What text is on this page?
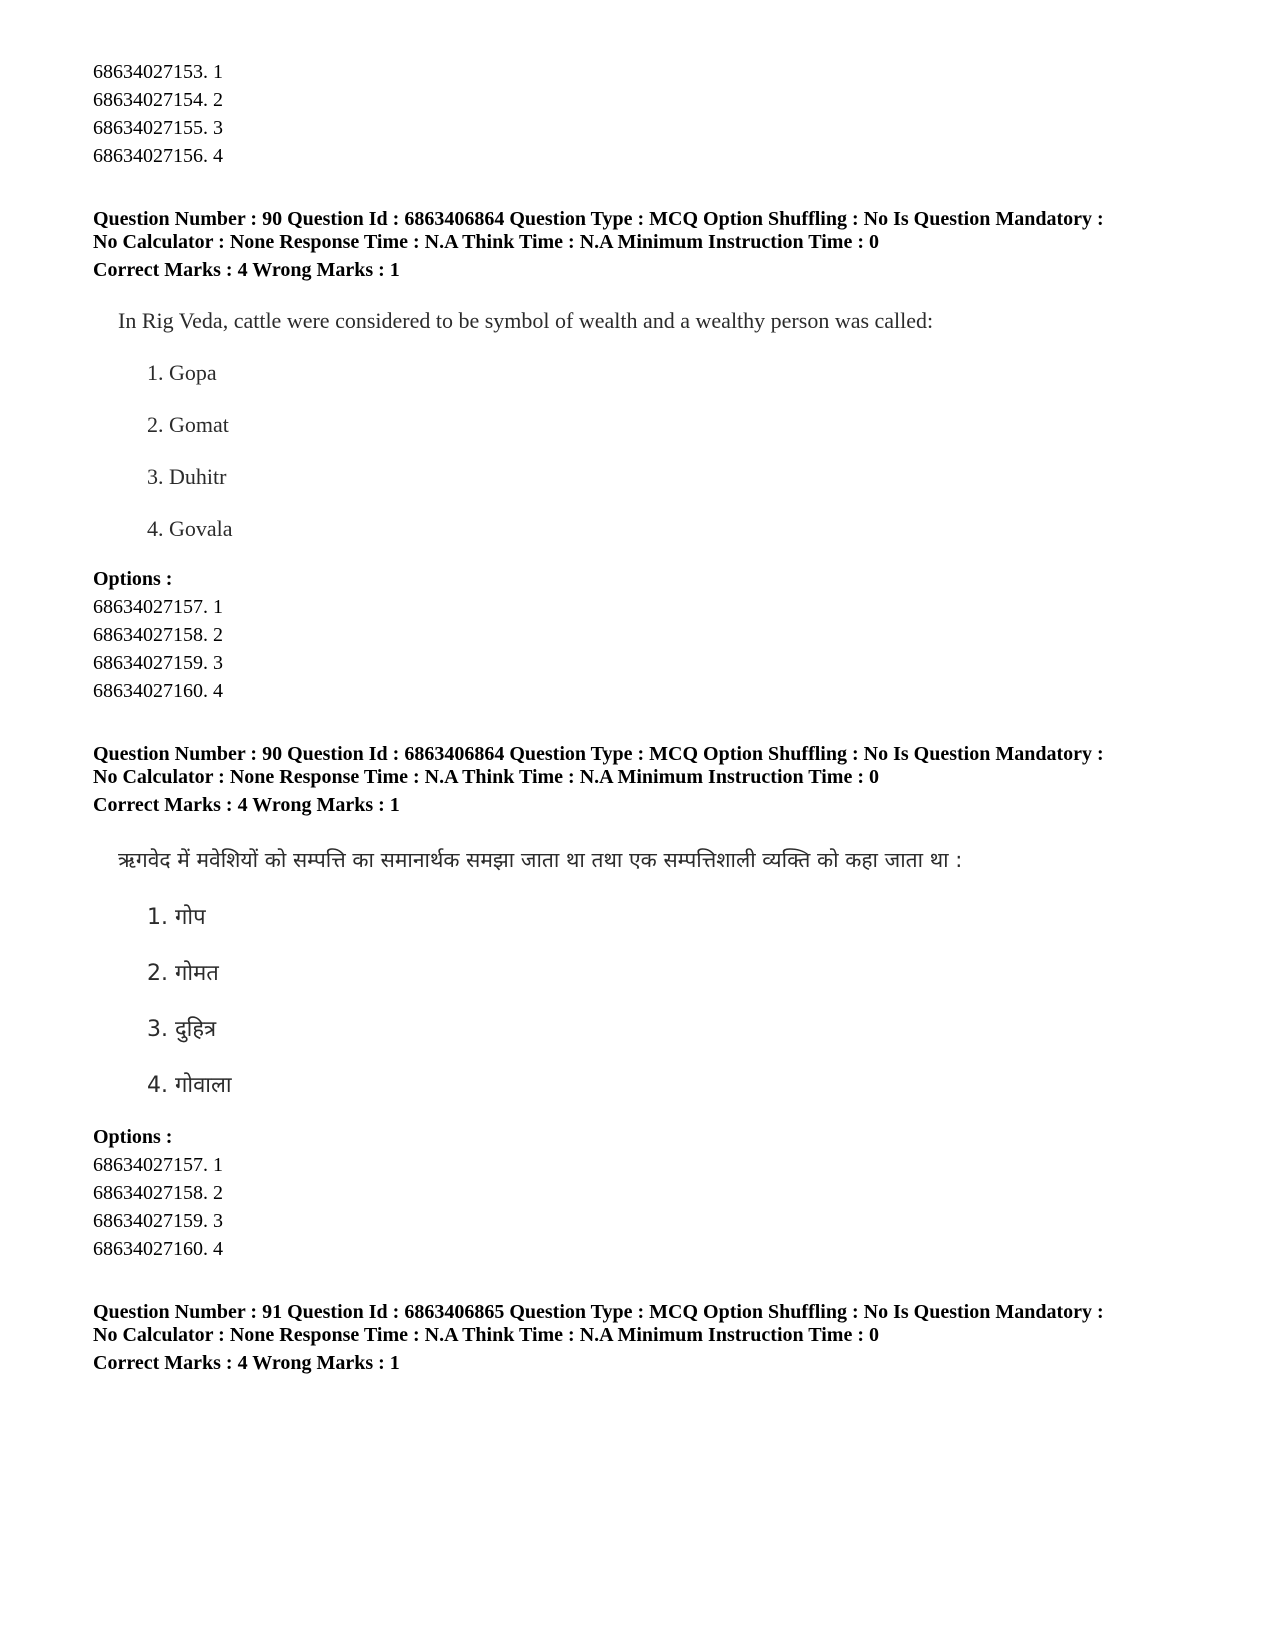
68634027153. 1
68634027154. 2
68634027155. 3
68634027156. 4
Question Number : 90 Question Id : 6863406864 Question Type : MCQ Option Shuffling : No Is Question Mandatory :
No Calculator : None Response Time : N.A Think Time : N.A Minimum Instruction Time : 0
Correct Marks : 4 Wrong Marks : 1
In Rig Veda, cattle were considered to be symbol of wealth and a wealthy person was called:
1. Gopa
2. Gomat
3. Duhitr
4. Govala
Options :
68634027157. 1
68634027158. 2
68634027159. 3
68634027160. 4
Question Number : 90 Question Id : 6863406864 Question Type : MCQ Option Shuffling : No Is Question Mandatory :
No Calculator : None Response Time : N.A Think Time : N.A Minimum Instruction Time : 0
Correct Marks : 4 Wrong Marks : 1
ऋगवेद में मवेशियों को सम्पत्ति का समानार्थक समझा जाता था तथा एक सम्पत्तिशाली व्यक्ति को कहा जाता था :
1. गोप
2. गोमत
3. दुहित्र
4. गोवाला
Options :
68634027157. 1
68634027158. 2
68634027159. 3
68634027160. 4
Question Number : 91 Question Id : 6863406865 Question Type : MCQ Option Shuffling : No Is Question Mandatory :
No Calculator : None Response Time : N.A Think Time : N.A Minimum Instruction Time : 0
Correct Marks : 4 Wrong Marks : 1
